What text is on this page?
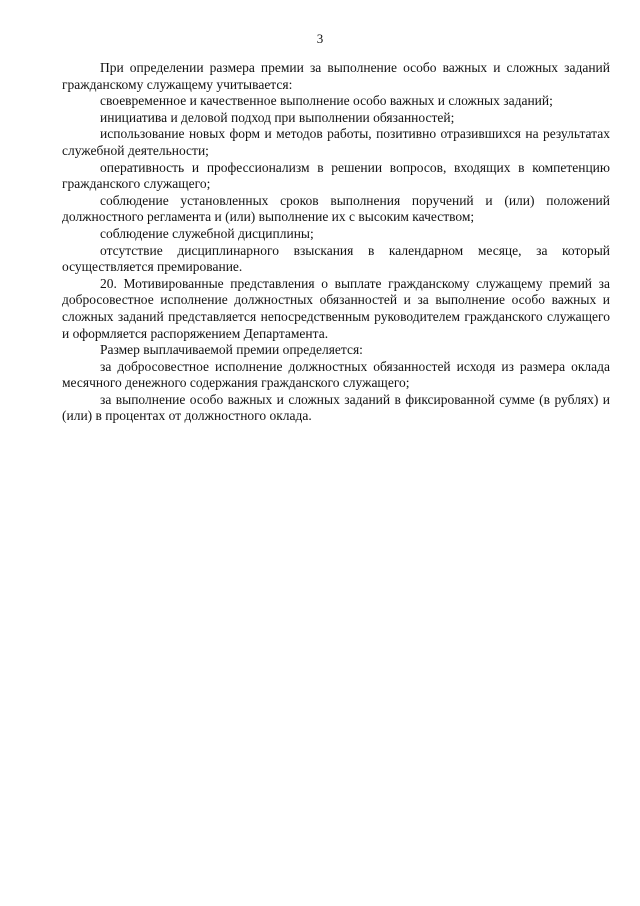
3

При определении размера премии за выполнение особо важных и сложных заданий гражданскому служащему учитывается:

своевременное и качественное выполнение особо важных и сложных заданий;

инициатива и деловой подход при выполнении обязанностей;

использование новых форм и методов работы, позитивно отразившихся на результатах служебной деятельности;

оперативность и профессионализм в решении вопросов, входящих в компетенцию гражданского служащего;

соблюдение установленных сроков выполнения поручений и (или) положений должностного регламента и (или) выполнение их с высоким качеством;

соблюдение служебной дисциплины;

отсутствие дисциплинарного взыскания в календарном месяце, за который осуществляется премирование.

20. Мотивированные представления о выплате гражданскому служащему премий за добросовестное исполнение должностных обязанностей и за выполнение особо важных и сложных заданий представляется непосредственным руководителем гражданского служащего и оформляется распоряжением Департамента.

Размер выплачиваемой премии определяется:

за добросовестное исполнение должностных обязанностей исходя из размера оклада месячного денежного содержания гражданского служащего;

за выполнение особо важных и сложных заданий в фиксированной сумме (в рублях) и (или) в процентах от должностного оклада.
